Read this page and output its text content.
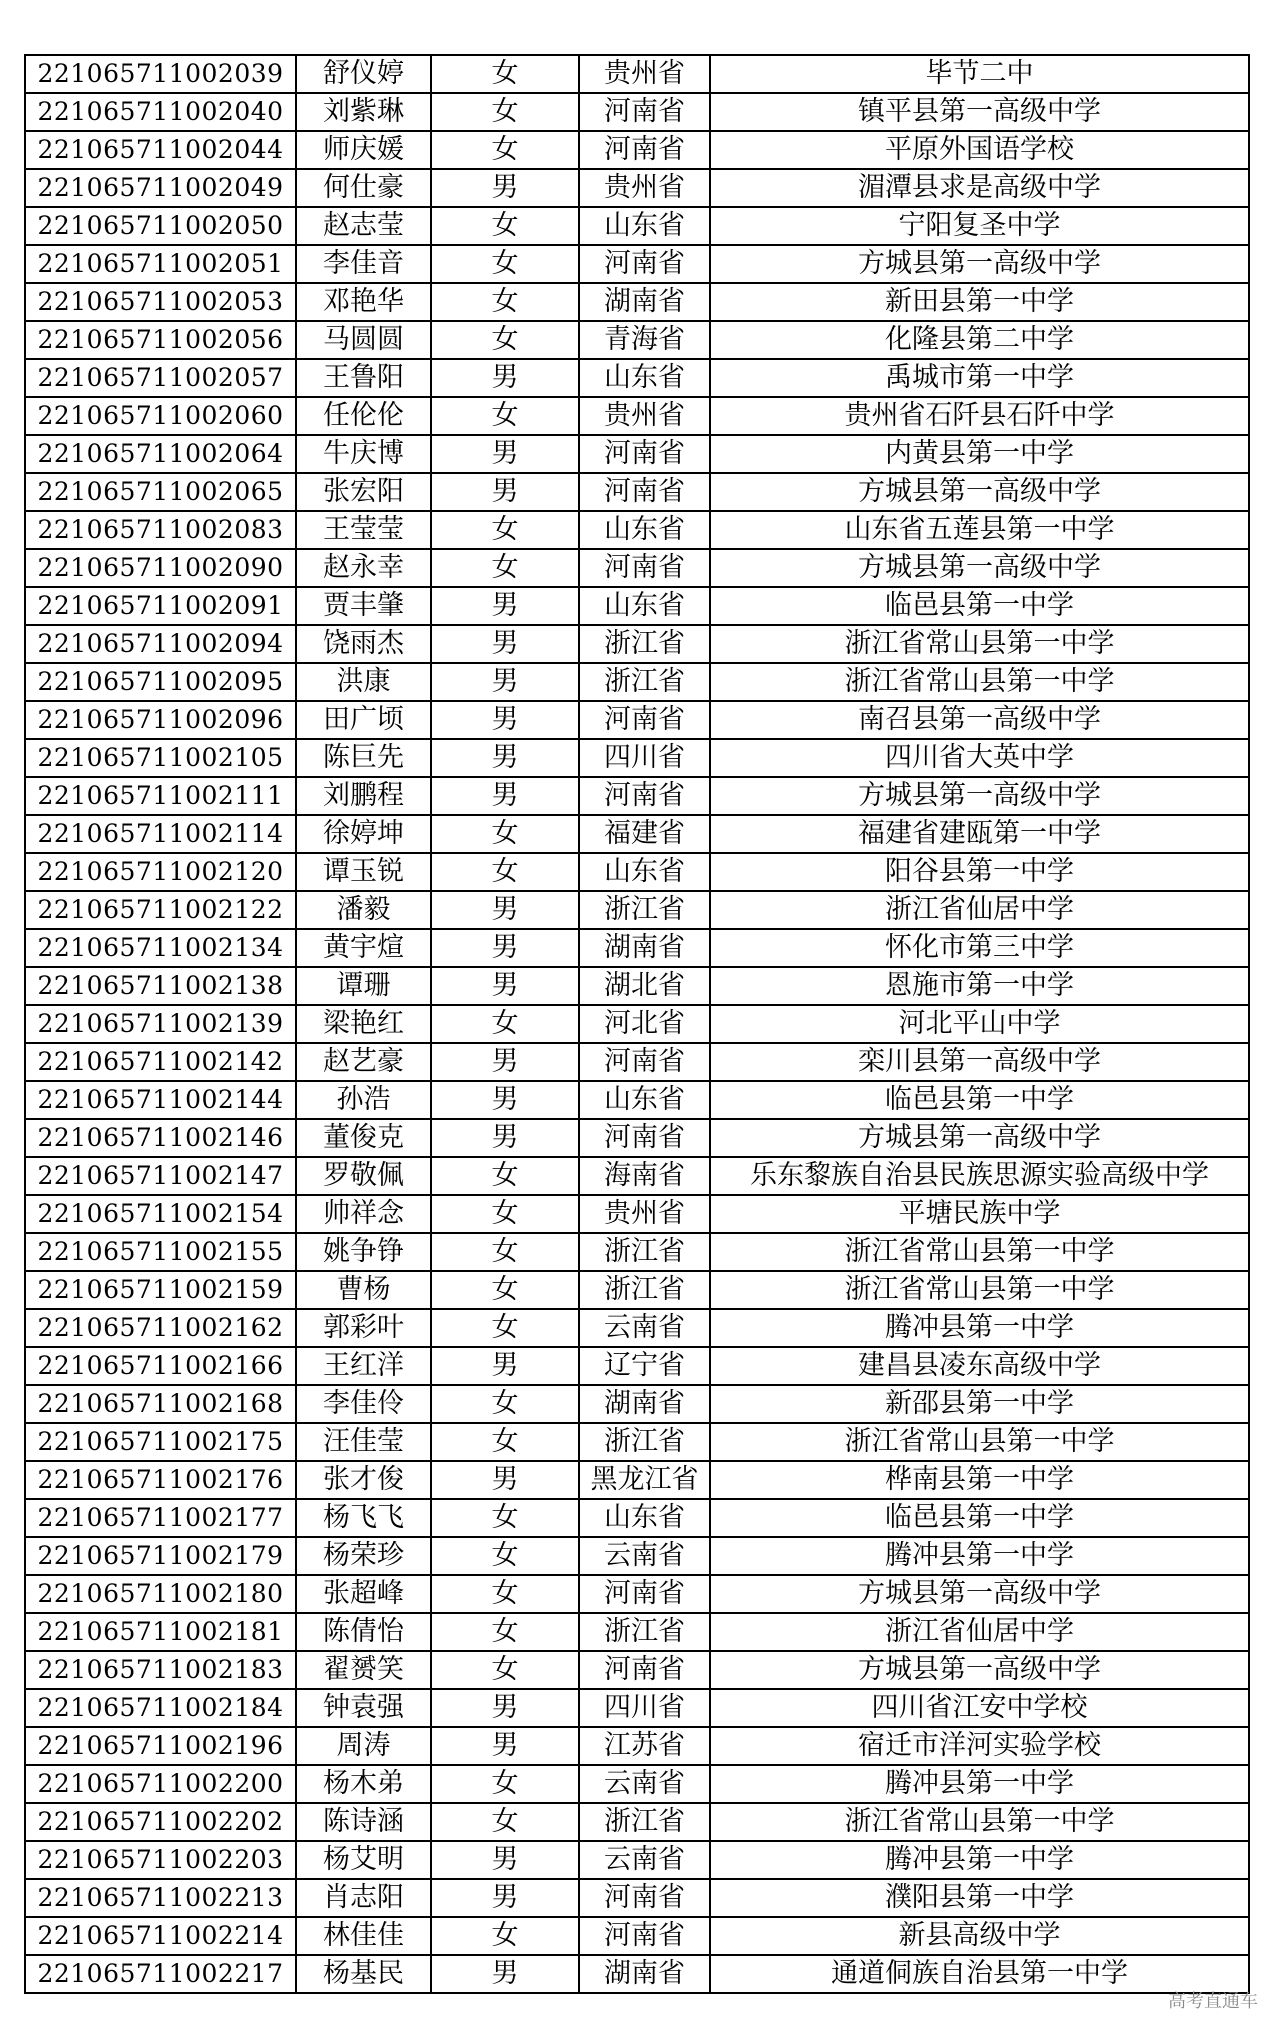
221065711002039	舒仪婷	女	贵州省	毕节二中
221065711002040	刘紫琳	女	河南省	镇平县第一高级中学
221065711002044	师庆媛	女	河南省	平原外国语学校
221065711002049	何仕豪	男	贵州省	湄潭县求是高级中学
221065711002050	赵志莹	女	山东省	宁阳复圣中学
221065711002051	李佳音	女	河南省	方城县第一高级中学
221065711002053	邓艳华	女	湖南省	新田县第一中学
221065711002056	马圆圆	女	青海省	化隆县第二中学
221065711002057	王鲁阳	男	山东省	禹城市第一中学
221065711002060	任伦伦	女	贵州省	贵州省石阡县石阡中学
221065711002064	牛庆博	男	河南省	内黄县第一中学
221065711002065	张宏阳	男	河南省	方城县第一高级中学
221065711002083	王莹莹	女	山东省	山东省五莲县第一中学
221065711002090	赵永幸	女	河南省	方城县第一高级中学
221065711002091	贾丰肇	男	山东省	临邑县第一中学
221065711002094	饶雨杰	男	浙江省	浙江省常山县第一中学
221065711002095	洪康	男	浙江省	浙江省常山县第一中学
221065711002096	田广顷	男	河南省	南召县第一高级中学
221065711002105	陈巨先	男	四川省	四川省大英中学
221065711002111	刘鹏程	男	河南省	方城县第一高级中学
221065711002114	徐婷坤	女	福建省	福建省建瓯第一中学
221065711002120	谭玉锐	女	山东省	阳谷县第一中学
221065711002122	潘毅	男	浙江省	浙江省仙居中学
221065711002134	黄宇煊	男	湖南省	怀化市第三中学
221065711002138	谭珊	男	湖北省	恩施市第一中学
221065711002139	梁艳红	女	河北省	河北平山中学
221065711002142	赵艺豪	男	河南省	栾川县第一高级中学
221065711002144	孙浩	男	山东省	临邑县第一中学
221065711002146	董俊克	男	河南省	方城县第一高级中学
221065711002147	罗敬佩	女	海南省	乐东黎族自治县民族思源实验高级中学
221065711002154	帅祥念	女	贵州省	平塘民族中学
221065711002155	姚争铮	女	浙江省	浙江省常山县第一中学
221065711002159	曹杨	女	浙江省	浙江省常山县第一中学
221065711002162	郭彩叶	女	云南省	腾冲县第一中学
221065711002166	王红洋	男	辽宁省	建昌县凌东高级中学
221065711002168	李佳伶	女	湖南省	新邵县第一中学
221065711002175	汪佳莹	女	浙江省	浙江省常山县第一中学
221065711002176	张才俊	男	黑龙江省	桦南县第一中学
221065711002177	杨飞飞	女	山东省	临邑县第一中学
221065711002179	杨荣珍	女	云南省	腾冲县第一中学
221065711002180	张超峰	女	河南省	方城县第一高级中学
221065711002181	陈倩怡	女	浙江省	浙江省仙居中学
221065711002183	翟赟笑	女	河南省	方城县第一高级中学
221065711002184	钟袁强	男	四川省	四川省江安中学校
221065711002196	周涛	男	江苏省	宿迁市洋河实验学校
221065711002200	杨木弟	女	云南省	腾冲县第一中学
221065711002202	陈诗涵	女	浙江省	浙江省常山县第一中学
221065711002203	杨艾明	男	云南省	腾冲县第一中学
221065711002213	肖志阳	男	河南省	濮阳县第一中学
221065711002214	林佳佳	女	河南省	新县高级中学
221065711002217	杨基民	男	湖南省	通道侗族自治县第一中学
高考直通车
